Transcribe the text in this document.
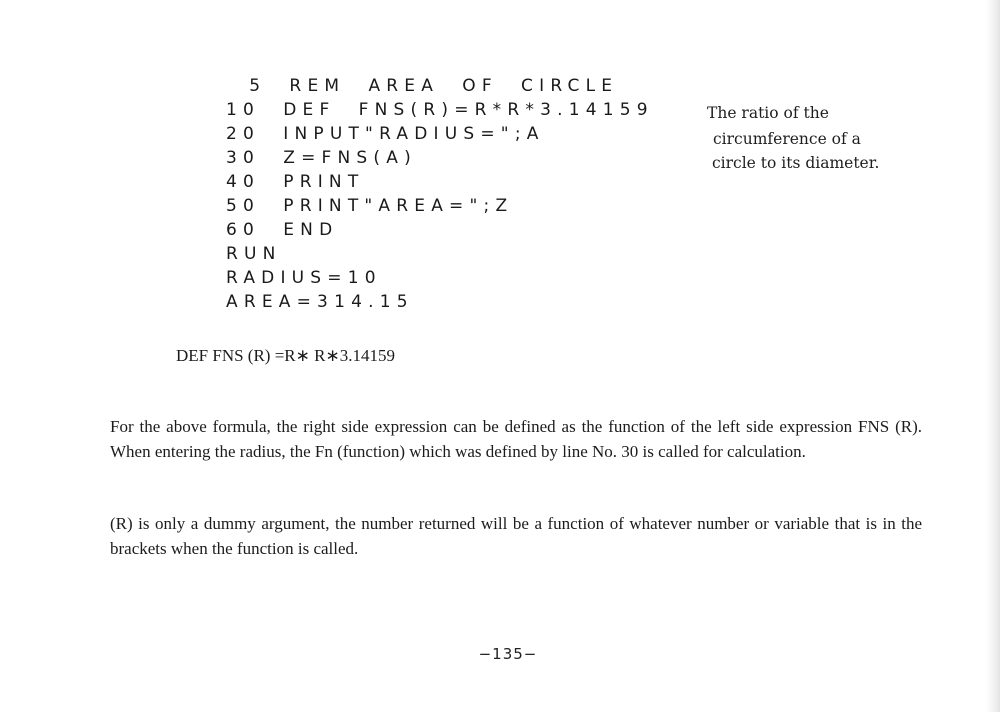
5  REM  AREA  OF  CIRCLE
10  DEF  FNS(R)=R*R*3.14159
20  INPUT"RADIUS=";A
30  Z=FNS(A)
40  PRINT
50  PRINT"AREA=";Z
60  END
RUN
RADIUS=10
AREA=314.15
The ratio of the
circumference of a
circle to its diameter.
DEF FNS (R) =R∗ R∗3.14159

For the above formula, the right side expression can be defined as the function of the left side expression FNS (R). When entering the radius, the Fn (function) which was defined by line No. 30 is called for calculation.

(R) is only a dummy argument, the number returned will be a function of whatever number or variable that is in the brackets when the function is called.

−135−
